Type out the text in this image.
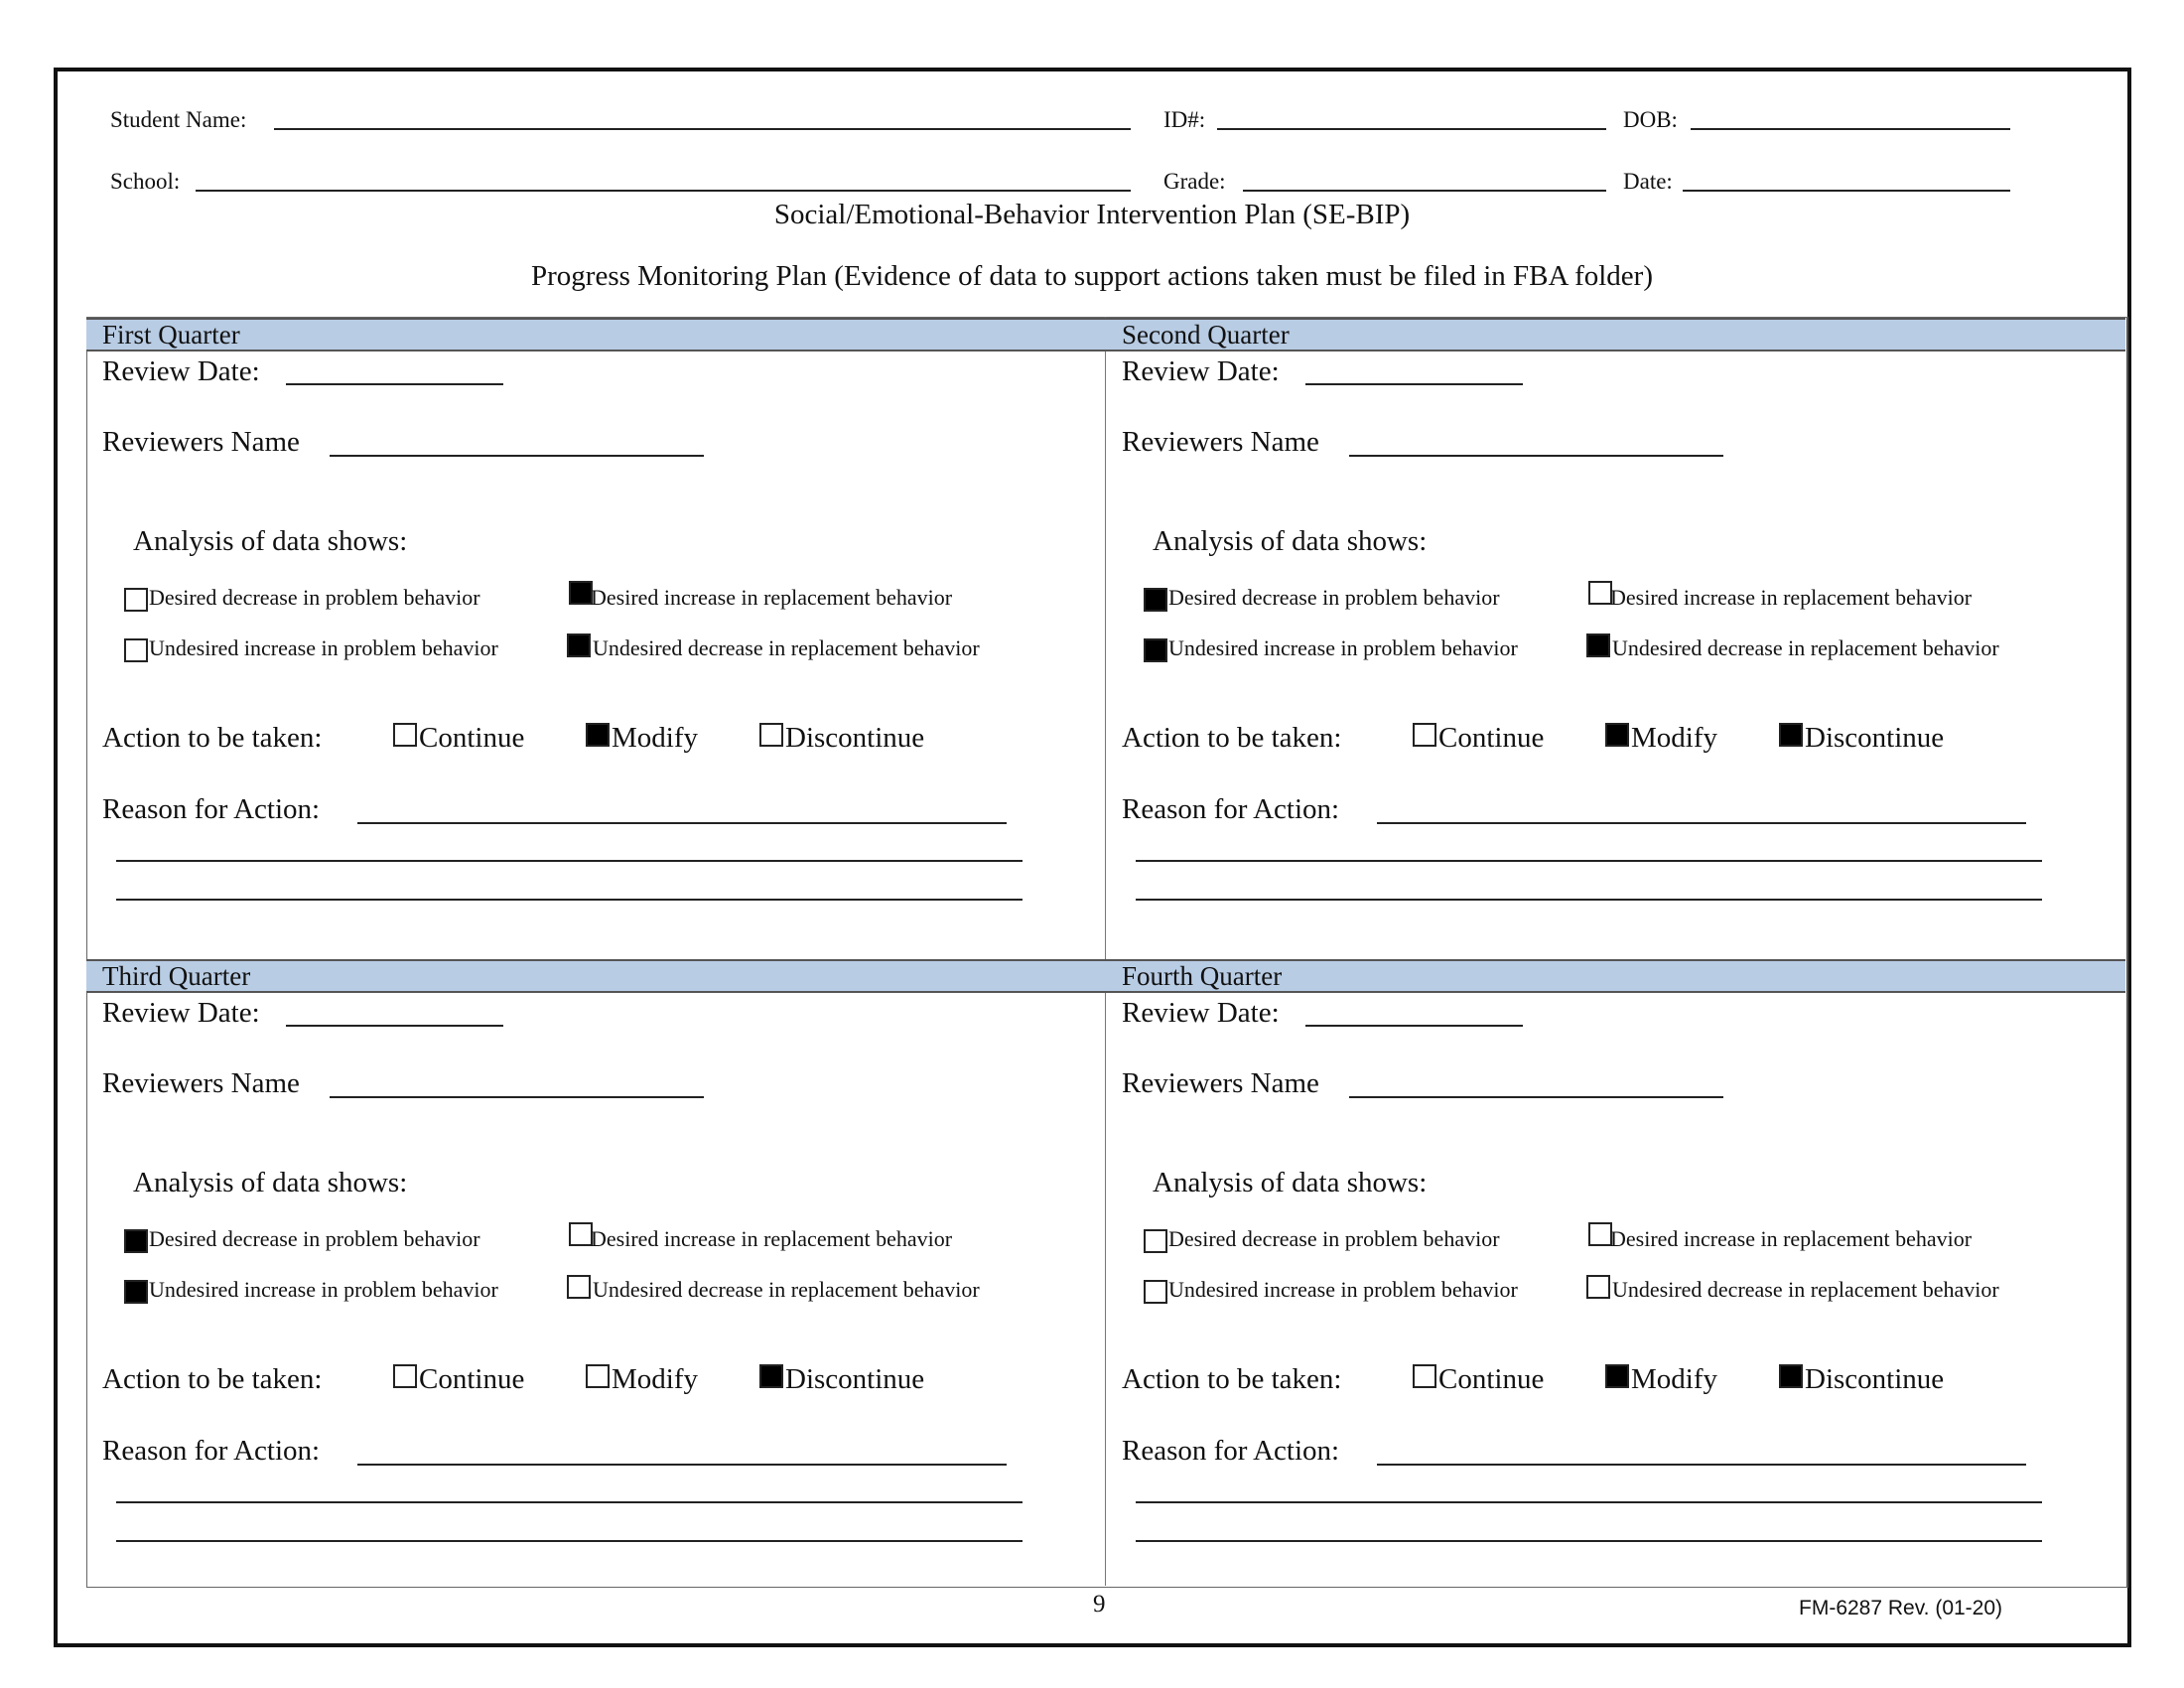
Student Name:	ID#:	DOB:
School:	Grade:	Date:
Social/Emotional-Behavior Intervention Plan (SE-BIP)
Progress Monitoring Plan (Evidence of data to support actions taken must be filed in FBA folder)
First Quarter
Review Date:
Reviewers Name
Analysis of data shows:
Desired decrease in problem behavior	Desired increase in replacement behavior
Undesired increase in problem behavior	Undesired decrease in replacement behavior
Action to be taken:	Continue	Modify	Discontinue
Reason for Action:
Second Quarter
Review Date:
Reviewers Name
Analysis of data shows:
Desired decrease in problem behavior	Desired increase in replacement behavior
Undesired increase in problem behavior	Undesired decrease in replacement behavior
Action to be taken:	Continue	Modify	Discontinue
Reason for Action:
Third Quarter
Review Date:
Reviewers Name
Analysis of data shows:
Desired decrease in problem behavior	Desired increase in replacement behavior
Undesired increase in problem behavior	Undesired decrease in replacement behavior
Action to be taken:	Continue	Modify	Discontinue
Reason for Action:
Fourth Quarter
Review Date:
Reviewers Name
Analysis of data shows:
Desired decrease in problem behavior	Desired increase in replacement behavior
Undesired increase in problem behavior	Undesired decrease in replacement behavior
Action to be taken:	Continue	Modify	Discontinue
Reason for Action:
9	FM-6287 Rev. (01-20)
